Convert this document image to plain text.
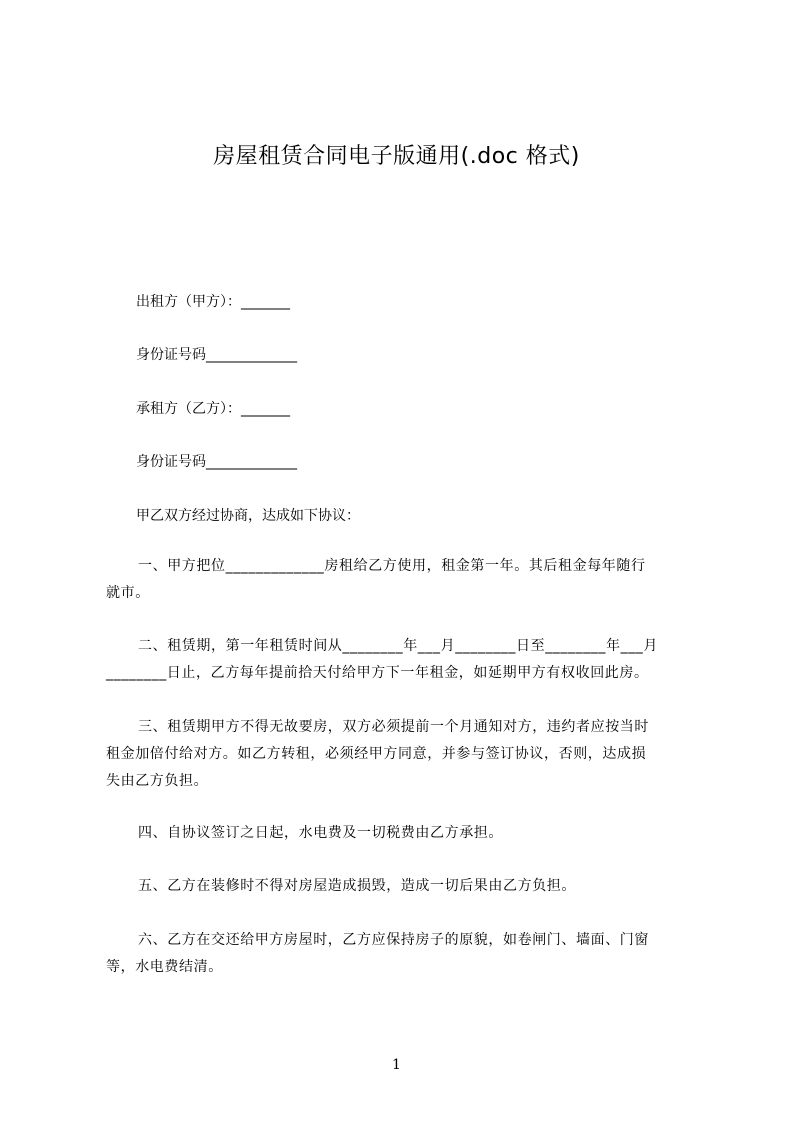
房屋租赁合同电子版通用(.doc 格式)
出租方（甲方）：_______
身份证号码_____________
承租方（乙方）：_______
身份证号码_____________
甲乙双方经过协商，达成如下协议：
一、甲方把位_____________房租给乙方使用，租金第一年。其后租金每年随行
就市。
二、租赁期，第一年租赁时间从________年___月________日至________年___月
________日止，乙方每年提前拾天付给甲方下一年租金，如延期甲方有权收回此房。
三、租赁期甲方不得无故要房，双方必须提前一个月通知对方，违约者应按当时
租金加倍付给对方。如乙方转租，必须经甲方同意，并参与签订协议，否则，达成损
失由乙方负担。
四、自协议签订之日起，水电费及一切税费由乙方承担。
五、乙方在装修时不得对房屋造成损毁，造成一切后果由乙方负担。
六、乙方在交还给甲方房屋时，乙方应保持房子的原貌，如卷闸门、墙面、门窗
等，水电费结清。
1
